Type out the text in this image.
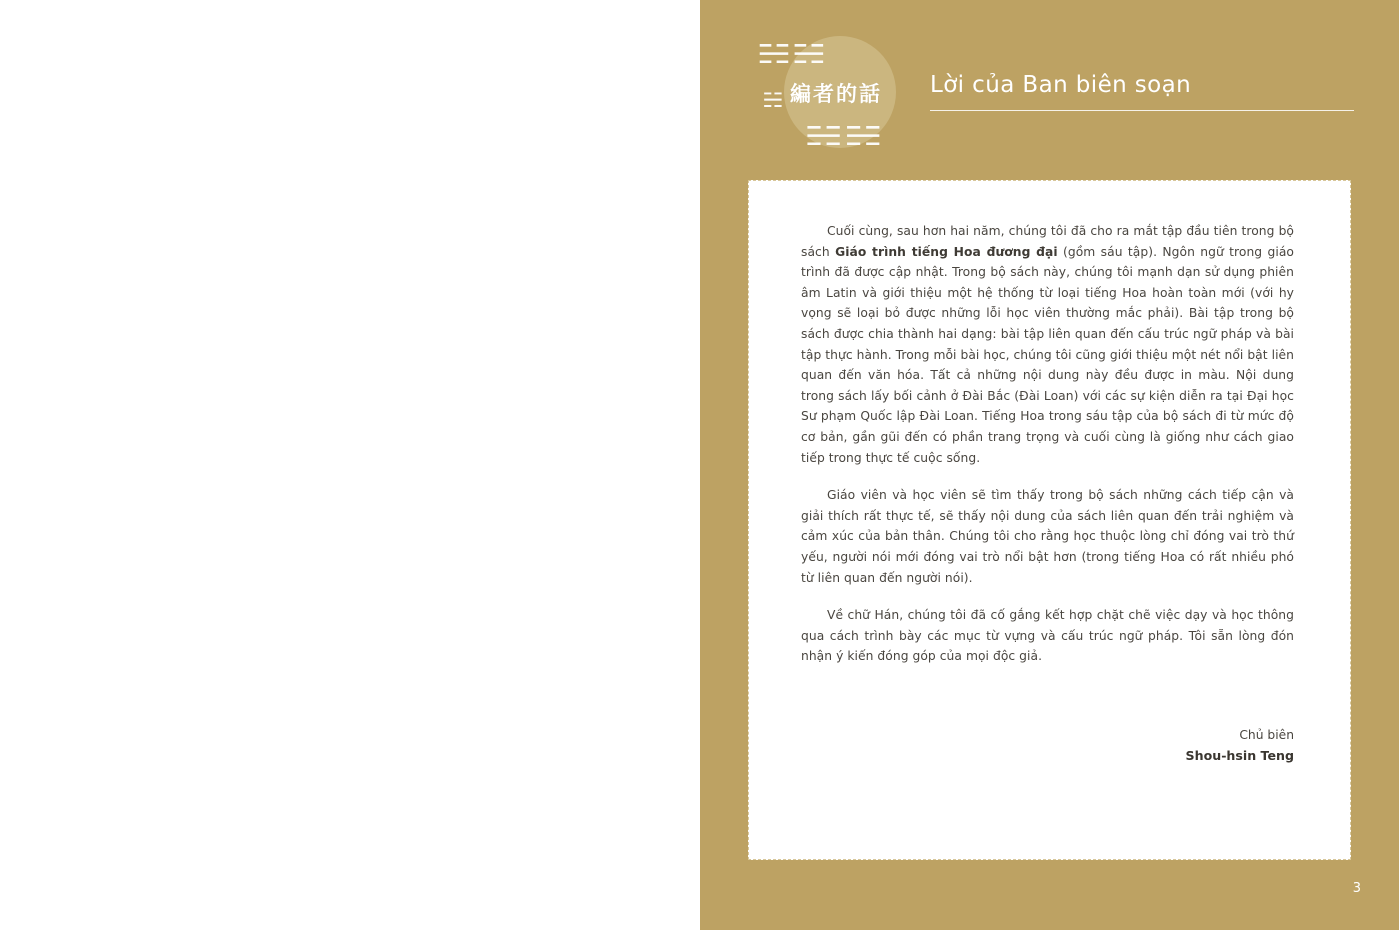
☵☵
☵
☵☵
編者的話	Lời của Ban biên soạn

Cuối cùng, sau hơn hai năm, chúng tôi đã cho ra mắt tập đầu tiên trong bộ sách Giáo trình tiếng Hoa đương đại (gồm sáu tập). Ngôn ngữ trong giáo trình đã được cập nhật. Trong bộ sách này, chúng tôi mạnh dạn sử dụng phiên âm Latin và giới thiệu một hệ thống từ loại tiếng Hoa hoàn toàn mới (với hy vọng sẽ loại bỏ được những lỗi học viên thường mắc phải). Bài tập trong bộ sách được chia thành hai dạng: bài tập liên quan đến cấu trúc ngữ pháp và bài tập thực hành. Trong mỗi bài học, chúng tôi cũng giới thiệu một nét nổi bật liên quan đến văn hóa. Tất cả những nội dung này đều được in màu. Nội dung trong sách lấy bối cảnh ở Đài Bắc (Đài Loan) với các sự kiện diễn ra tại Đại học Sư phạm Quốc lập Đài Loan. Tiếng Hoa trong sáu tập của bộ sách đi từ mức độ cơ bản, gần gũi đến có phần trang trọng và cuối cùng là giống như cách giao tiếp trong thực tế cuộc sống.

Giáo viên và học viên sẽ tìm thấy trong bộ sách những cách tiếp cận và giải thích rất thực tế, sẽ thấy nội dung của sách liên quan đến trải nghiệm và cảm xúc của bản thân. Chúng tôi cho rằng học thuộc lòng chỉ đóng vai trò thứ yếu, người nói mới đóng vai trò nổi bật hơn (trong tiếng Hoa có rất nhiều phó từ liên quan đến người nói).

Về chữ Hán, chúng tôi đã cố gắng kết hợp chặt chẽ việc dạy và học thông qua cách trình bày các mục từ vựng và cấu trúc ngữ pháp. Tôi sẵn lòng đón nhận ý kiến đóng góp của mọi độc giả.

Chủ biên
Shou-hsin Teng
3
